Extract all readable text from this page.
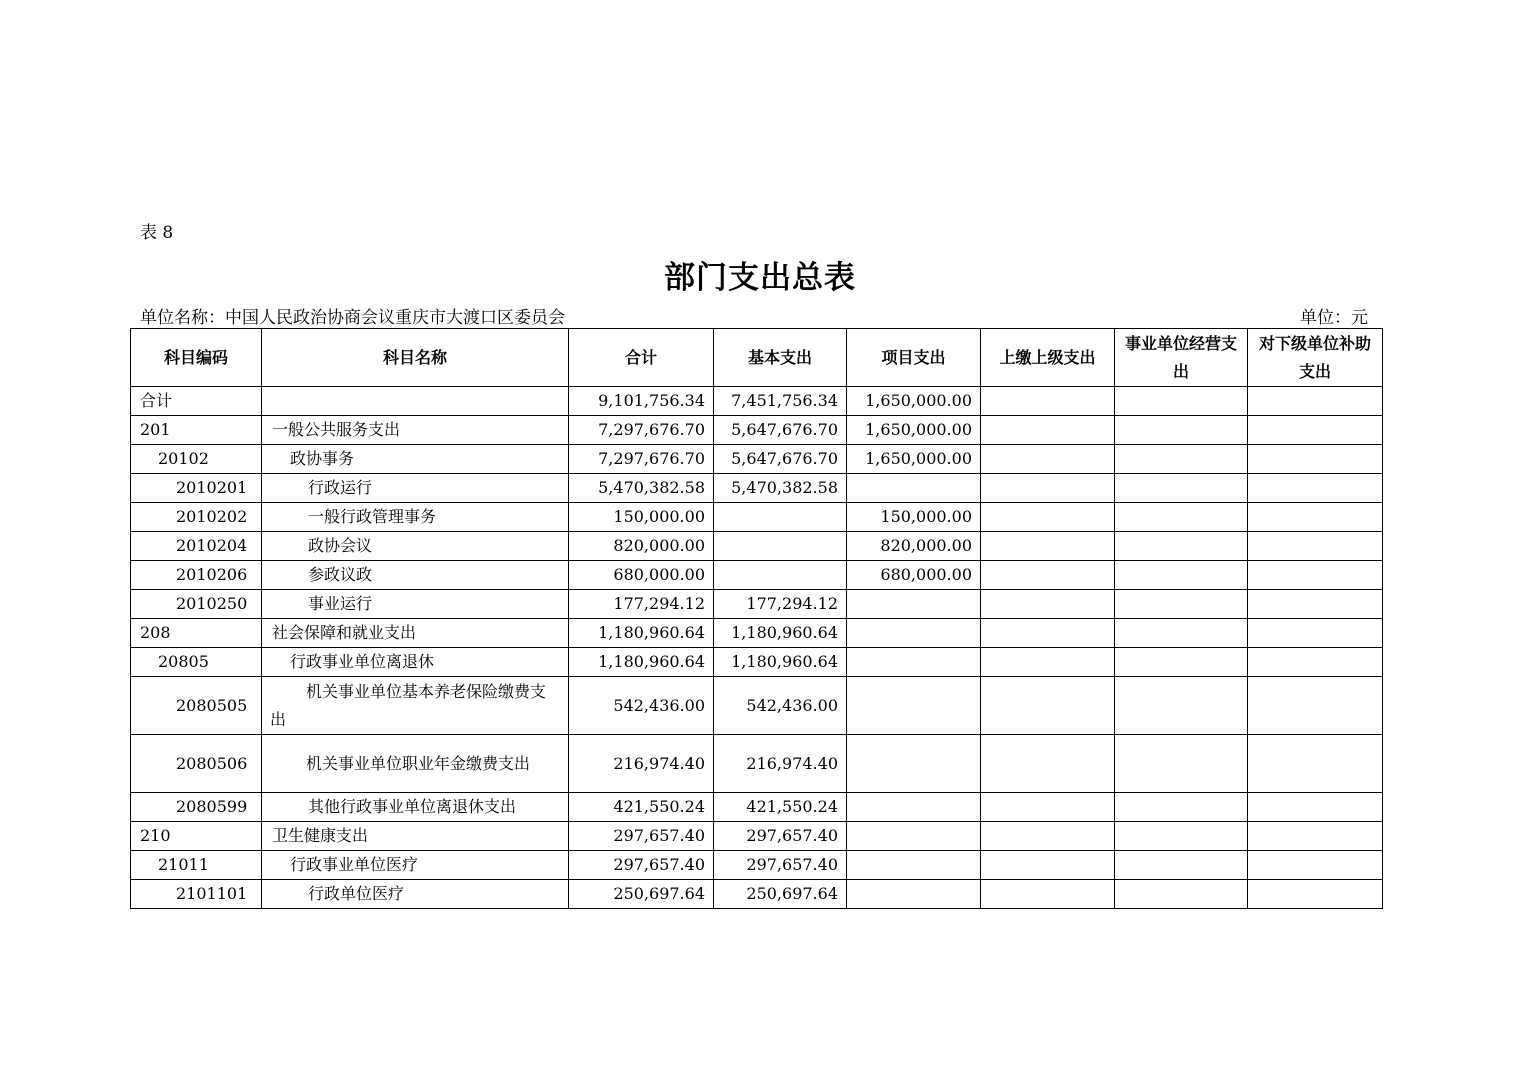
表 8
部门支出总表
单位名称：中国人民政治协商会议重庆市大渡口区委员会	单位：元
科目编码	科目名称	合计	基本支出	项目支出	上缴上级支出	事业单位经营支出	对下级单位补助支出
合计		9,101,756.34	7,451,756.34	1,650,000.00			
201	一般公共服务支出	7,297,676.70	5,647,676.70	1,650,000.00			
20102	政协事务	7,297,676.70	5,647,676.70	1,650,000.00			
2010201	行政运行	5,470,382.58	5,470,382.58				
2010202	一般行政管理事务	150,000.00		150,000.00			
2010204	政协会议	820,000.00		820,000.00			
2010206	参政议政	680,000.00		680,000.00			
2010250	事业运行	177,294.12	177,294.12				
208	社会保障和就业支出	1,180,960.64	1,180,960.64				
20805	行政事业单位离退休	1,180,960.64	1,180,960.64				
2080505	机关事业单位基本养老保险缴费支出	542,436.00	542,436.00				
2080506	机关事业单位职业年金缴费支出	216,974.40	216,974.40				
2080599	其他行政事业单位离退休支出	421,550.24	421,550.24				
210	卫生健康支出	297,657.40	297,657.40				
21011	行政事业单位医疗	297,657.40	297,657.40				
2101101	行政单位医疗	250,697.64	250,697.64				
